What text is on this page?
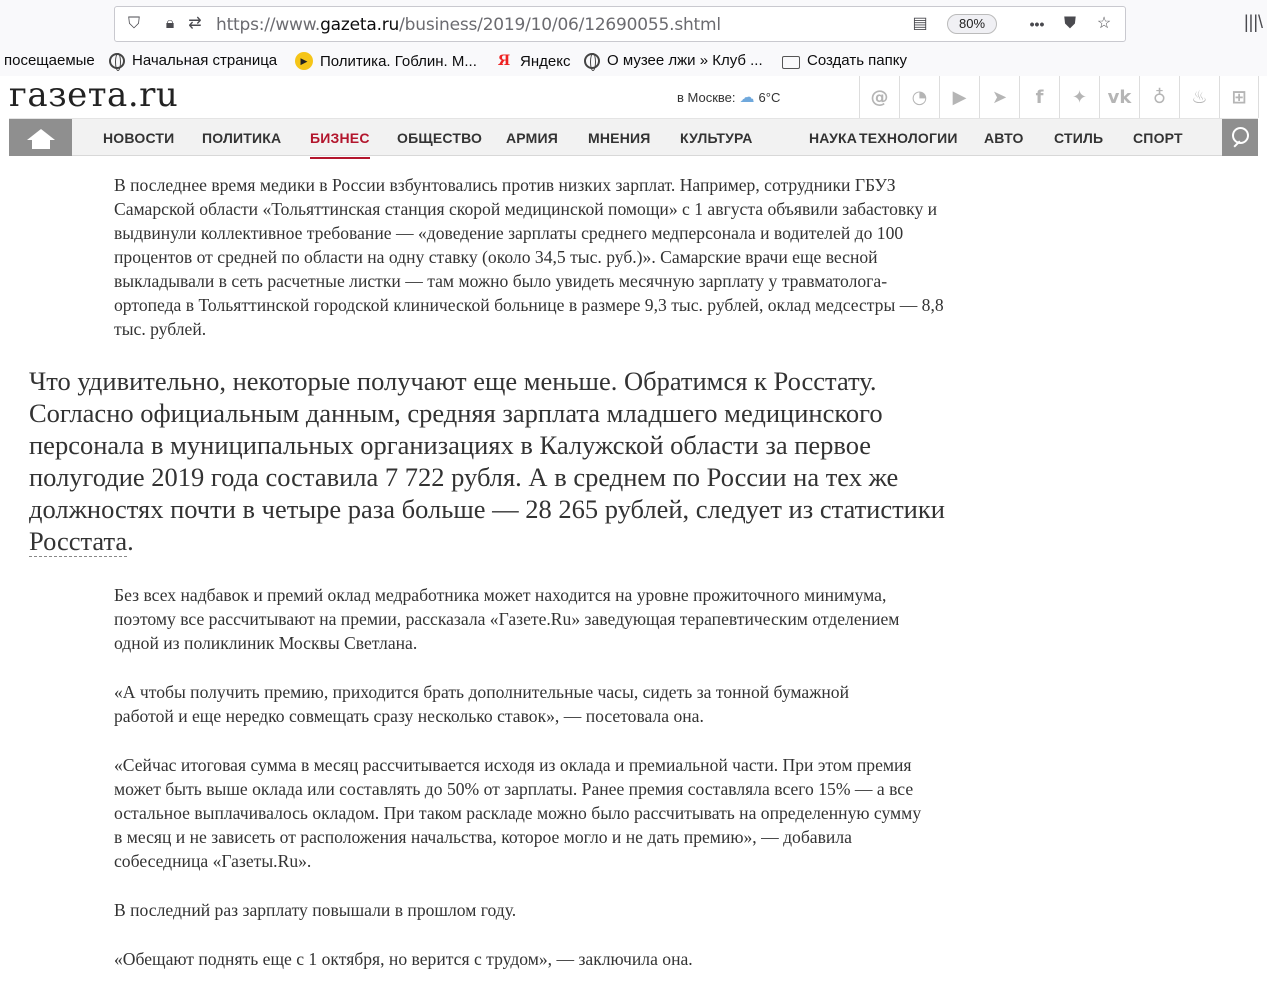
⛉ 🔒︎ ⇄ https://www.gazeta.ru/business/2019/10/06/12690055.shtml	▤	80%	•••	⛊ ☆	|||\
посещаемые Начальная страница	▶ Политика. Гоблин. М... Я Яндекс О музее лжи » Клуб ...	Создать папку
газета.ru	в Москве: ☁ 6°C	@	◔	▶	➤	f	✦	vk	♁	♨	⊞
НОВОСТИ ПОЛИТИКА БИЗНЕС ОБЩЕСТВО АРМИЯ МНЕНИЯ КУЛЬТУРА	НАУКА ТЕХНОЛОГИИ АВТО СТИЛЬ СПОРТ

В последнее время медики в России взбунтовались против низких зарплат. Например, сотрудники ГБУЗ Самарской области «Тольяттинская станция скорой медицинской помощи» с 1 августа объявили забастовку и выдвинули коллективное требование — «доведение зарплаты среднего медперсонала и водителей до 100 процентов от средней по области на одну ставку (около 34,5 тыс. руб.)». Самарские врачи еще весной выкладывали в сеть расчетные листки — там можно было увидеть месячную зарплату у травматолога-ортопеда в Тольяттинской городской клинической больнице в размере 9,3 тыс. рублей, оклад медсестры — 8,8 тыс. рублей.

Что удивительно, некоторые получают еще меньше. Обратимся к Росстату. Согласно официальным данным, средняя зарплата младшего медицинского персонала в муниципальных организациях в Калужской области за первое полугодие 2019 года составила 7 722 рубля. А в среднем по России на тех же должностях почти в четыре раза больше — 28 265 рублей, следует из статистики Росстата.

Без всех надбавок и премий оклад медработника может находится на уровне прожиточного минимума, поэтому все рассчитывают на премии, рассказала «Газете.Ru» заведующая терапевтическим отделением одной из поликлиник Москвы Светлана.

«А чтобы получить премию, приходится брать дополнительные часы, сидеть за тонной бумажной работой и еще нередко совмещать сразу несколько ставок», — посетовала она.

«Сейчас итоговая сумма в месяц рассчитывается исходя из оклада и премиальной части. При этом премия может быть выше оклада или составлять до 50% от зарплаты. Ранее премия составляла всего 15% — а все остальное выплачивалось окладом. При таком раскладе можно было рассчитывать на определенную сумму в месяц и не зависеть от расположения начальства, которое могло и не дать премию», — добавила собеседница «Газеты.Ru».

В последний раз зарплату повышали в прошлом году.

«Обещают поднять еще с 1 октября, но верится с трудом», — заключила она.
